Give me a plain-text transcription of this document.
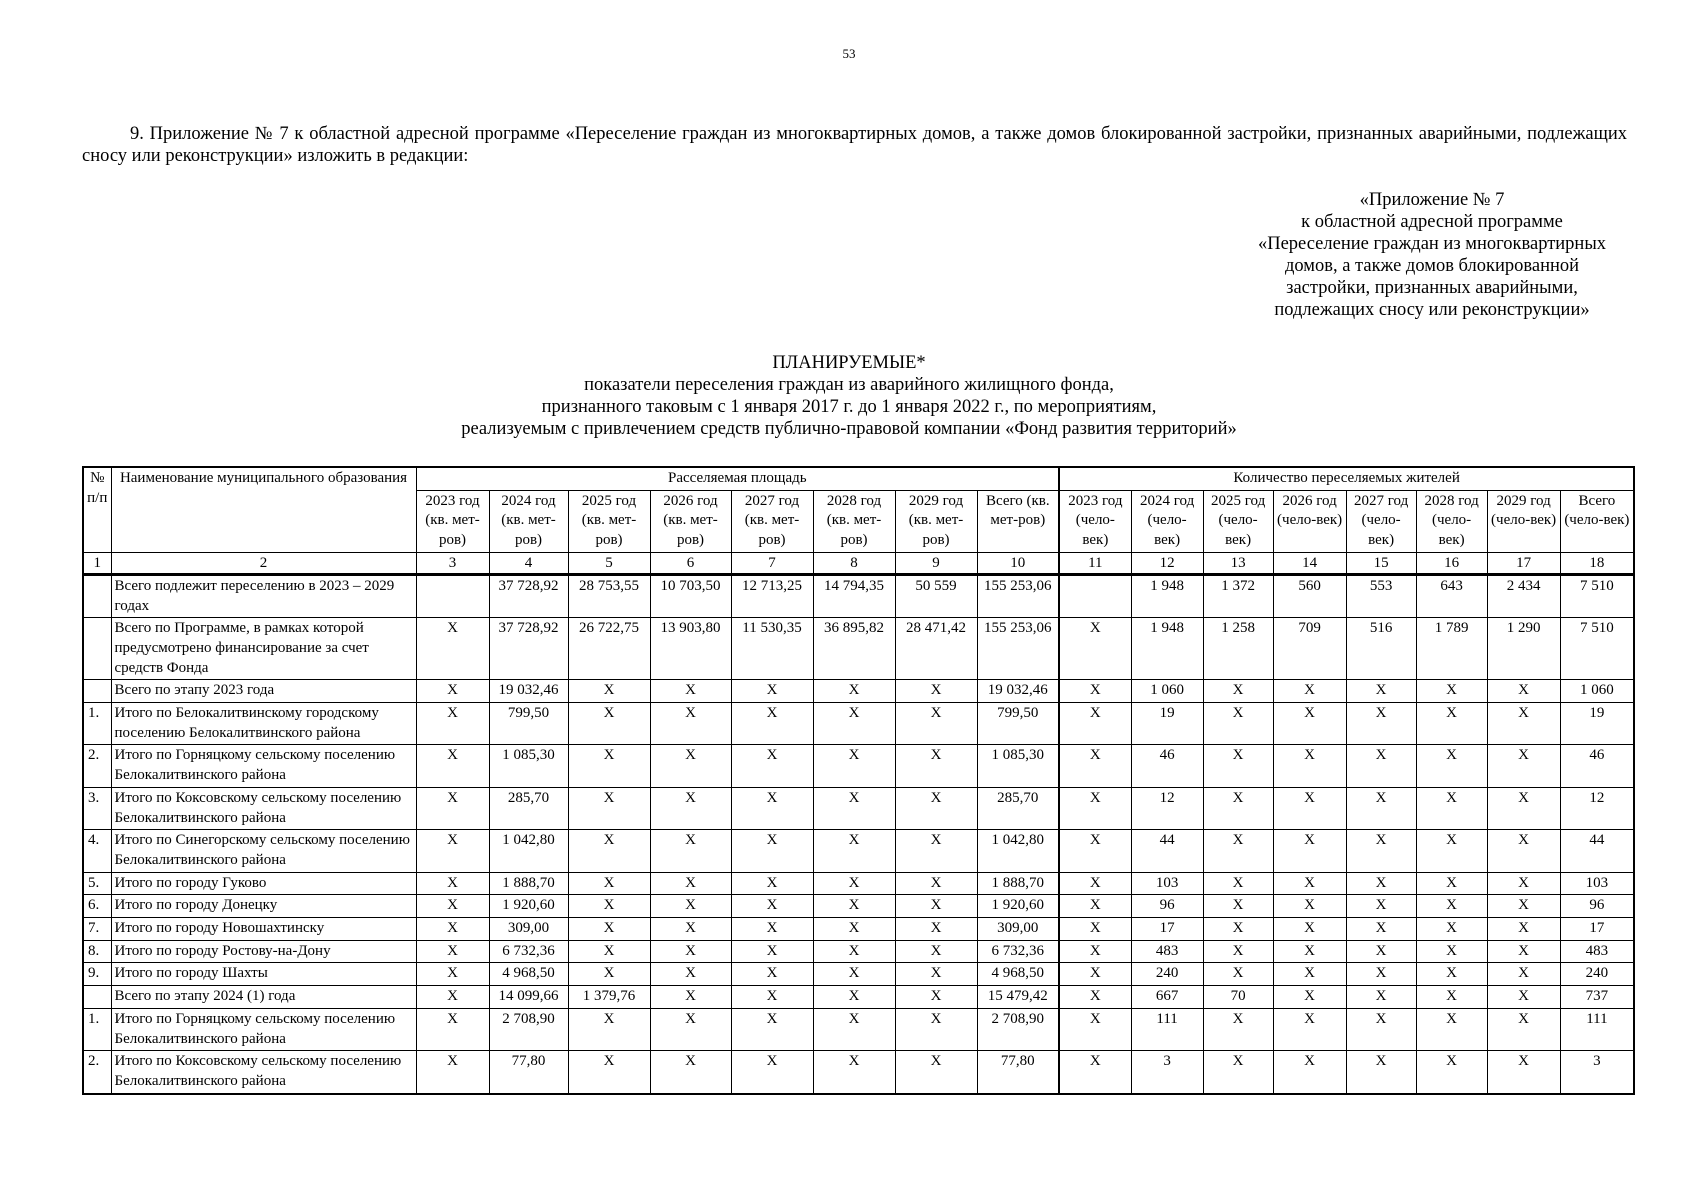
53

9. Приложение № 7 к областной адресной программе «Переселение граждан из многоквартирных домов, а также домов блокированной застройки, признанных аварийными, подлежащих сносу или реконструкции» изложить в редакции:

«Приложение № 7
к областной адресной программе
«Переселение граждан из многоквартирных
домов, а также домов блокированной
застройки, признанных аварийными,
подлежащих сносу или реконструкции»
ПЛАНИРУЕМЫЕ*
показатели переселения граждан из аварийного жилищного фонда,
признанного таковым с 1 января 2017 г. до 1 января 2022 г., по мероприятиям,
реализуемым с привлечением средств публично-правовой компании «Фонд развития территорий»
№ п/п	Наименование муниципального образования	Расселяемая площадь								Количество переселяемых жителей							
		2023 год (кв. мет-ров)	2024 год (кв. мет-ров)	2025 год (кв. мет-ров)	2026 год (кв. мет-ров)	2027 год (кв. мет-ров)	2028 год (кв. мет-ров)	2029 год (кв. мет-ров)	Всего (кв. мет-ров)	2023 год (чело-век)	2024 год (чело-век)	2025 год (чело-век)	2026 год (чело-век)	2027 год (чело-век)	2028 год (чело-век)	2029 год (чело-век)	Всего (чело-век)
1	2	3	4	5	6	7	8	9	10	11	12	13	14	15	16	17	18
	Всего подлежит переселению в 2023 – 2029 годах		37 728,92	28 753,55	10 703,50	12 713,25	14 794,35	50 559	155 253,06		1 948	1 372	560	553	643	2 434	7 510
	Всего по Программе, в рамках которой предусмотрено финансирование за счет средств Фонда	X	37 728,92	26 722,75	13 903,80	11 530,35	36 895,82	28 471,42	155 253,06	X	1 948	1 258	709	516	1 789	1 290	7 510
	Всего по этапу 2023 года	X	19 032,46	X	X	X	X	X	19 032,46	X	1 060	X	X	X	X	X	1 060
1.	Итого по Белокалитвинскому городскому поселению Белокалитвинского района	X	799,50	X	X	X	X	X	799,50	X	19	X	X	X	X	X	19
2.	Итого по Горняцкому сельскому поселению Белокалитвинского района	X	1 085,30	X	X	X	X	X	1 085,30	X	46	X	X	X	X	X	46
3.	Итого по Коксовскому сельскому поселению Белокалитвинского района	X	285,70	X	X	X	X	X	285,70	X	12	X	X	X	X	X	12
4.	Итого по Синегорскому сельскому поселению Белокалитвинского района	X	1 042,80	X	X	X	X	X	1 042,80	X	44	X	X	X	X	X	44
5.	Итого по городу Гуково	X	1 888,70	X	X	X	X	X	1 888,70	X	103	X	X	X	X	X	103
6.	Итого по городу Донецку	X	1 920,60	X	X	X	X	X	1 920,60	X	96	X	X	X	X	X	96
7.	Итого по городу Новошахтинску	X	309,00	X	X	X	X	X	309,00	X	17	X	X	X	X	X	17
8.	Итого по городу Ростову-на-Дону	X	6 732,36	X	X	X	X	X	6 732,36	X	483	X	X	X	X	X	483
9.	Итого по городу Шахты	X	4 968,50	X	X	X	X	X	4 968,50	X	240	X	X	X	X	X	240
	Всего по этапу 2024 (1) года	X	14 099,66	1 379,76	X	X	X	X	15 479,42	X	667	70	X	X	X	X	737
1.	Итого по Горняцкому сельскому поселению Белокалитвинского района	X	2 708,90	X	X	X	X	X	2 708,90	X	111	X	X	X	X	X	111
2.	Итого по Коксовскому сельскому поселению Белокалитвинского района	X	77,80	X	X	X	X	X	77,80	X	3	X	X	X	X	X	3
